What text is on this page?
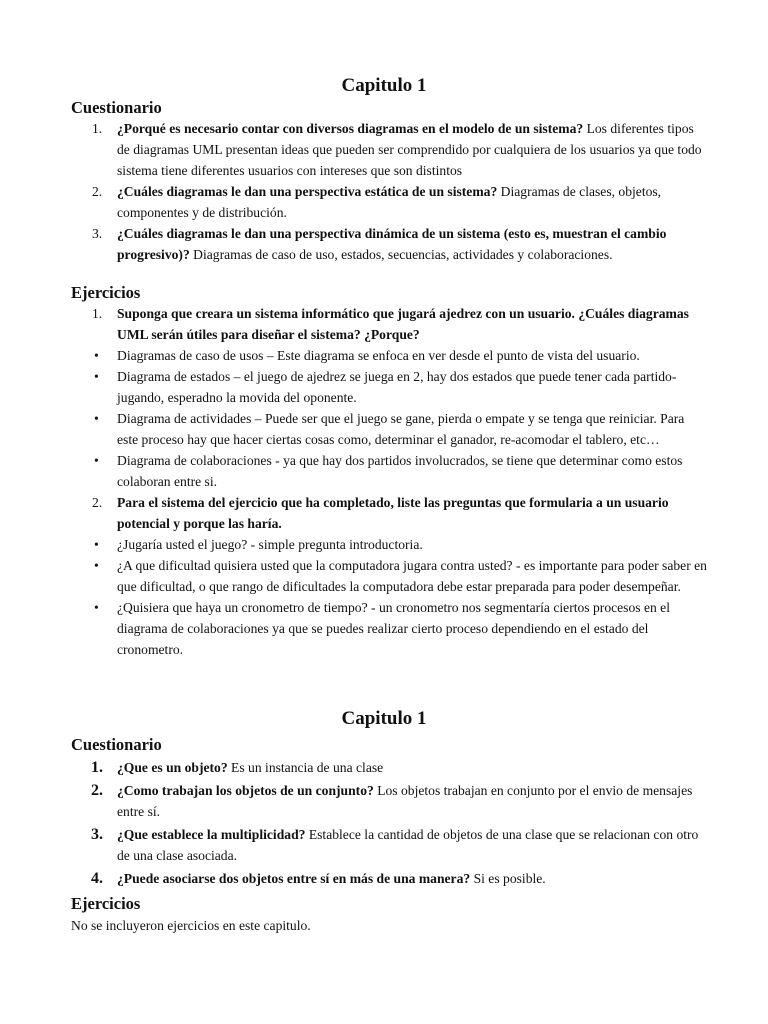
Capitulo 1
Cuestionario
1. ¿Porqué es necesario contar con diversos diagramas en el modelo de un sistema? Los diferentes tipos de diagramas UML presentan ideas que pueden ser comprendido por cualquiera de los usuarios ya que todo sistema tiene diferentes usuarios con intereses que son distintos
2. ¿Cuáles diagramas le dan una perspectiva estática de un sistema? Diagramas de clases, objetos, componentes y de distribución.
3. ¿Cuáles diagramas le dan una perspectiva dinámica de un sistema (esto es, muestran el cambio progresivo)? Diagramas de caso de uso, estados, secuencias, actividades y colaboraciones.
Ejercicios
1. Suponga que creara un sistema informático que jugará ajedrez con un usuario. ¿Cuáles diagramas UML serán útiles para diseñar el sistema? ¿Porque?
• Diagramas de caso de usos – Este diagrama se enfoca en ver desde el punto de vista del usuario.
• Diagrama de estados – el juego de ajedrez se juega en 2, hay dos estados que puede tener cada partido- jugando, esperadno la movida del oponente.
• Diagrama de actividades – Puede ser que el juego se gane, pierda o empate y se tenga que reiniciar. Para este proceso hay que hacer ciertas cosas como, determinar el ganador, re-acomodar el tablero, etc…
• Diagrama de colaboraciones - ya que hay dos partidos involucrados, se tiene que determinar como estos colaboran entre si.
2. Para el sistema del ejercicio que ha completado, liste las preguntas que formularia a un usuario potencial y porque las haría.
• ¿Jugaría usted el juego? - simple pregunta introductoria.
• ¿A que dificultad quisiera usted que la computadora jugara contra usted? - es importante para poder saber en que dificultad, o que rango de dificultades la computadora debe estar preparada para poder desempeñar.
• ¿Quisiera que haya un cronometro de tiempo? - un cronometro nos segmentaría ciertos procesos en el diagrama de colaboraciones ya que se puedes realizar cierto proceso dependiendo en el estado del cronometro.
Capitulo 1
Cuestionario
1. ¿Que es un objeto? Es un instancia de una clase
2. ¿Como trabajan los objetos de un conjunto? Los objetos trabajan en conjunto por el envio de mensajes entre sí.
3. ¿Que establece la multiplicidad? Establece la cantidad de objetos de una clase que se relacionan con otro de una clase asociada.
4. ¿Puede asociarse dos objetos entre sí en más de una manera? Si es posible.
Ejercicios

No se incluyeron ejercicios en este capitulo.
